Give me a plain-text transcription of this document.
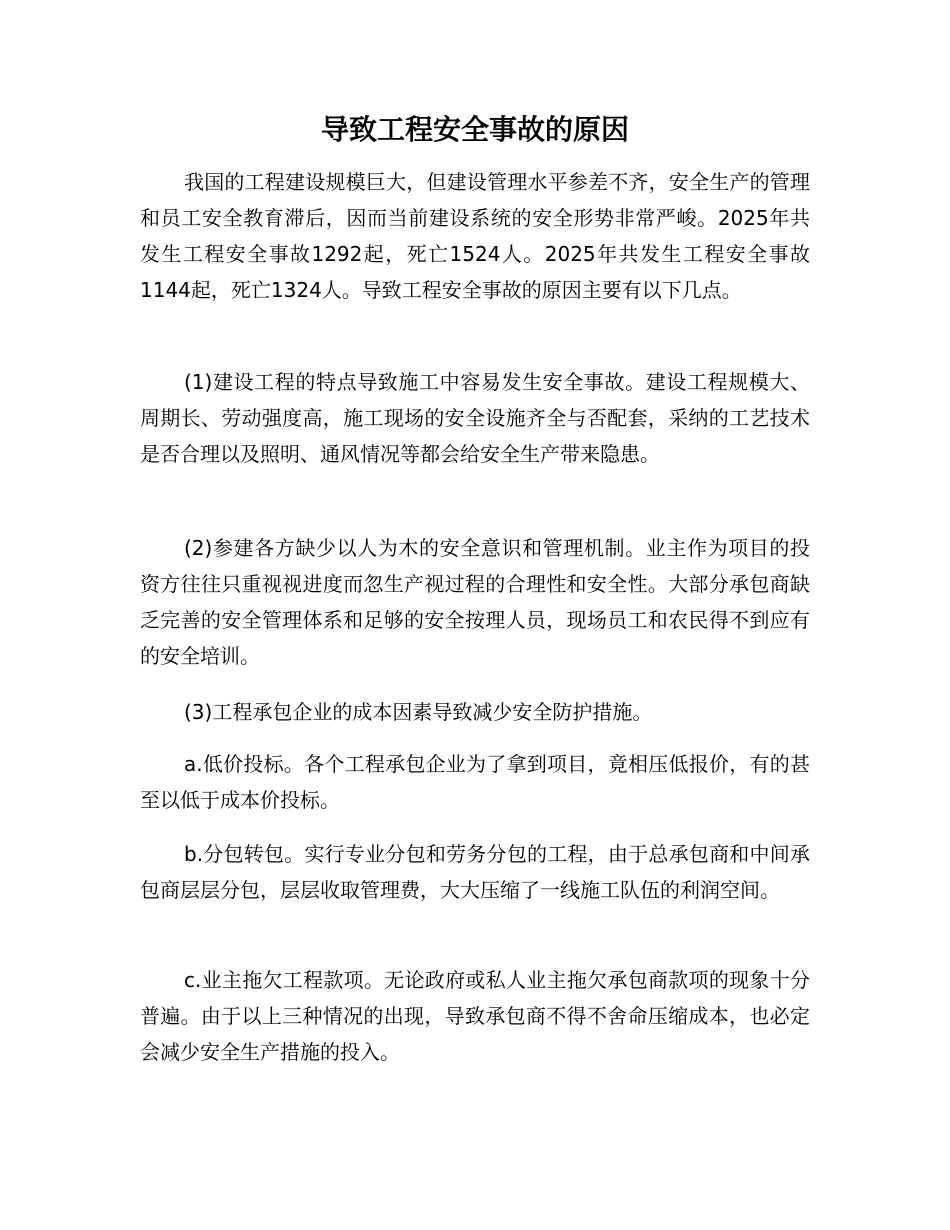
导致工程安全事故的原因

我国的工程建设规模巨大，但建设管理水平参差不齐，安全生产的管理和员工安全教育滞后，因而当前建设系统的安全形势非常严峻。2025年共发生工程安全事故1292起，死亡1524人。2025年共发生工程安全事故1144起，死亡1324人。导致工程安全事故的原因主要有以下几点。

(1)建设工程的特点导致施工中容易发生安全事故。建设工程规模大、周期长、劳动强度高，施工现场的安全设施齐全与否配套，采纳的工艺技术是否合理以及照明、通风情况等都会给安全生产带来隐患。

(2)参建各方缺少以人为木的安全意识和管理机制。业主作为项目的投资方往往只重视视进度而忽生产视过程的合理性和安全性。大部分承包商缺乏完善的安全管理体系和足够的安全按理人员，现场员工和农民得不到应有的安全培训。

(3)工程承包企业的成本因素导致减少安全防护措施。

a.低价投标。各个工程承包企业为了拿到项目，竟相压低报价，有的甚至以低于成本价投标。

b.分包转包。实行专业分包和劳务分包的工程，由于总承包商和中间承包商层层分包，层层收取管理费，大大压缩了一线施工队伍的利润空间。

c.业主拖欠工程款项。无论政府或私人业主拖欠承包商款项的现象十分普遍。由于以上三种情况的出现，导致承包商不得不舍命压缩成本，也必定会减少安全生产措施的投入。
